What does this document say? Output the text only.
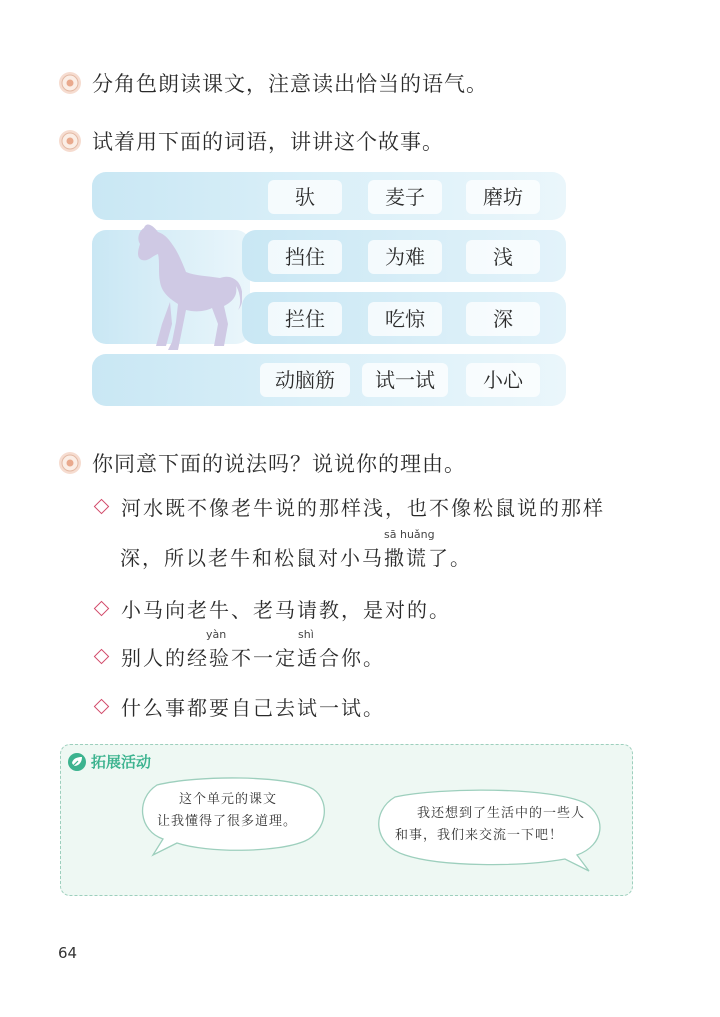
分角色朗读课文，注意读出恰当的语气。
试着用下面的词语，讲讲这个故事。
驮	麦子	磨坊
挡住	为难	浅
拦住	吃惊	深
动脑筋	试一试	小心
你同意下面的说法吗？说说你的理由。
河水既不像老牛说的那样浅，也不像松鼠说的那样
sā huǎng
深，所以老牛和松鼠对小马撒谎了。
小马向老牛、老马请教，是对的。
yàn	shì
别人的经验不一定适合你。
什么事都要自己去试一试。
拓展活动
这个单元的课文
让我懂得了很多道理。
我还想到了生活中的一些人
和事，我们来交流一下吧！
64
